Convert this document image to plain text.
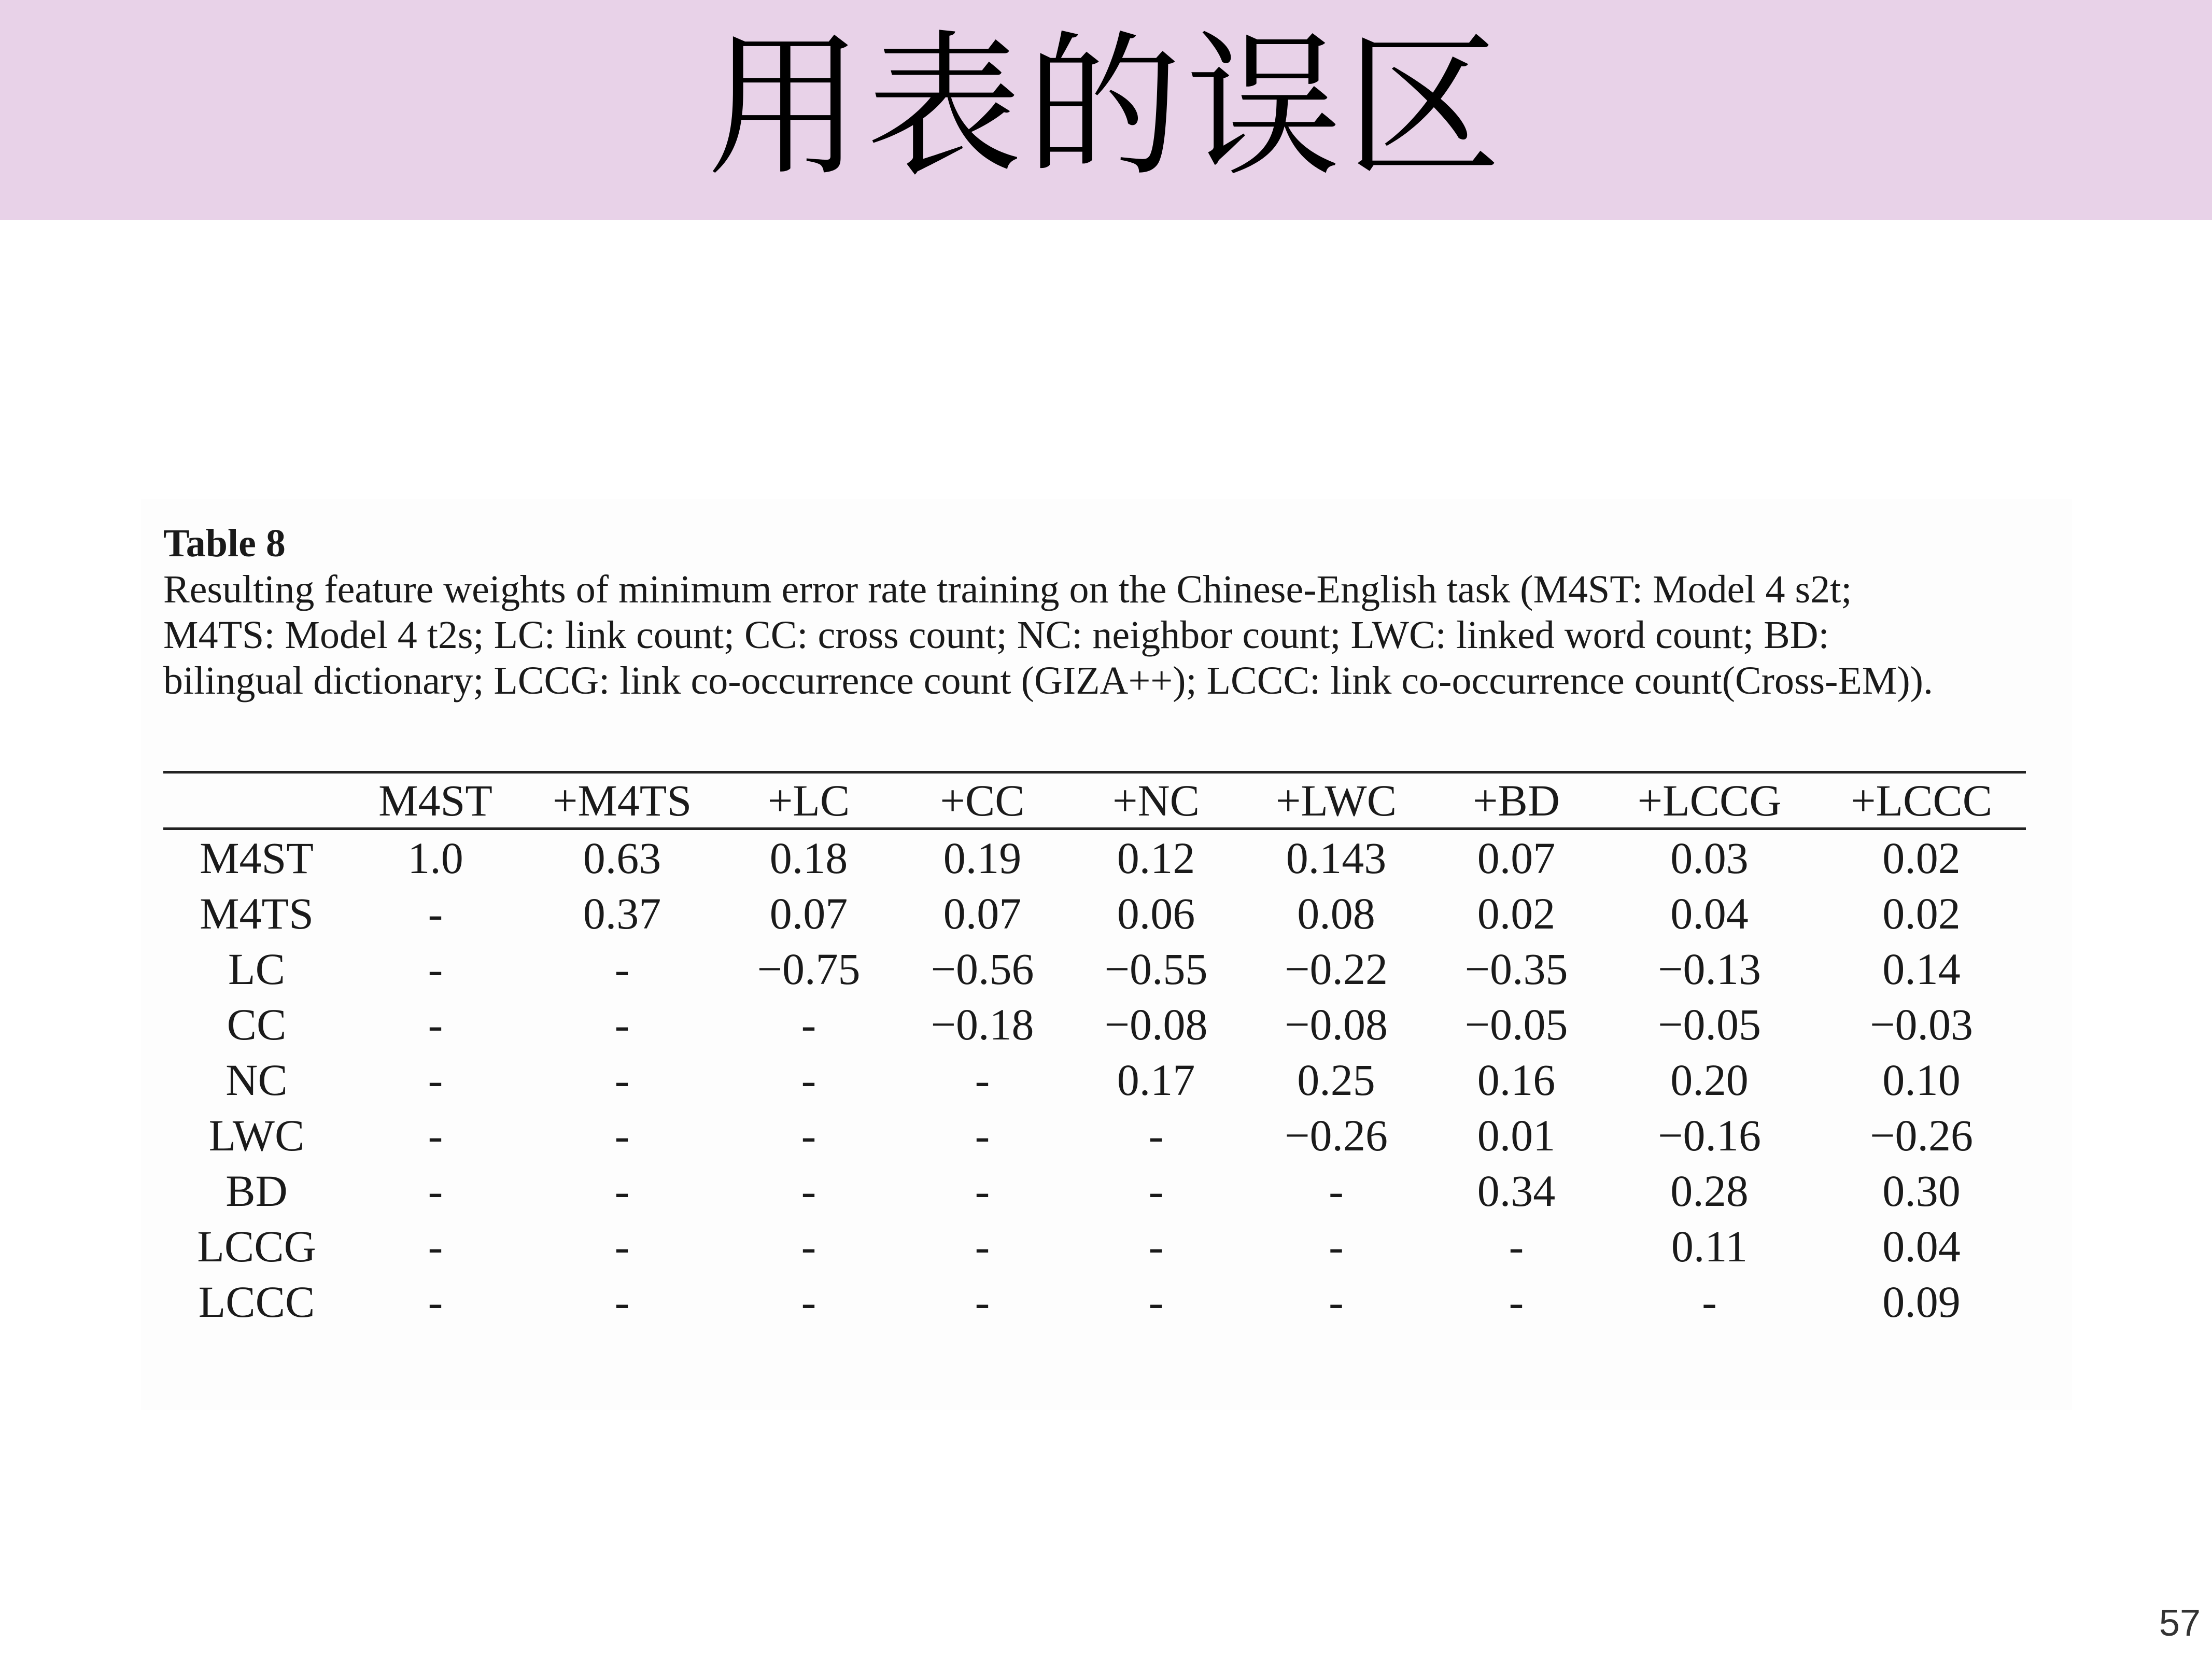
用表的误区
Table 8
Resulting feature weights of minimum error rate training on the Chinese-English task (M4ST: Model 4 s2t; M4TS: Model 4 t2s; LC: link count; CC: cross count; NC: neighbor count; LWC: linked word count; BD: bilingual dictionary; LCCG: link co-occurrence count (GIZA++); LCCC: link co-occurrence count(Cross-EM)).
	M4ST	+M4TS	+LC	+CC	+NC	+LWC	+BD	+LCCG	+LCCC
M4ST	1.0	0.63	0.18	0.19	0.12	0.143	0.07	0.03	0.02
M4TS	-	0.37	0.07	0.07	0.06	0.08	0.02	0.04	0.02
LC	-	-	−0.75	−0.56	−0.55	−0.22	−0.35	−0.13	0.14
CC	-	-	-	−0.18	−0.08	−0.08	−0.05	−0.05	−0.03
NC	-	-	-	-	0.17	0.25	0.16	0.20	0.10
LWC	-	-	-	-	-	−0.26	0.01	−0.16	−0.26
BD	-	-	-	-	-	-	0.34	0.28	0.30
LCCG	-	-	-	-	-	-	-	0.11	0.04
LCCC	-	-	-	-	-	-	-	-	0.09
57
